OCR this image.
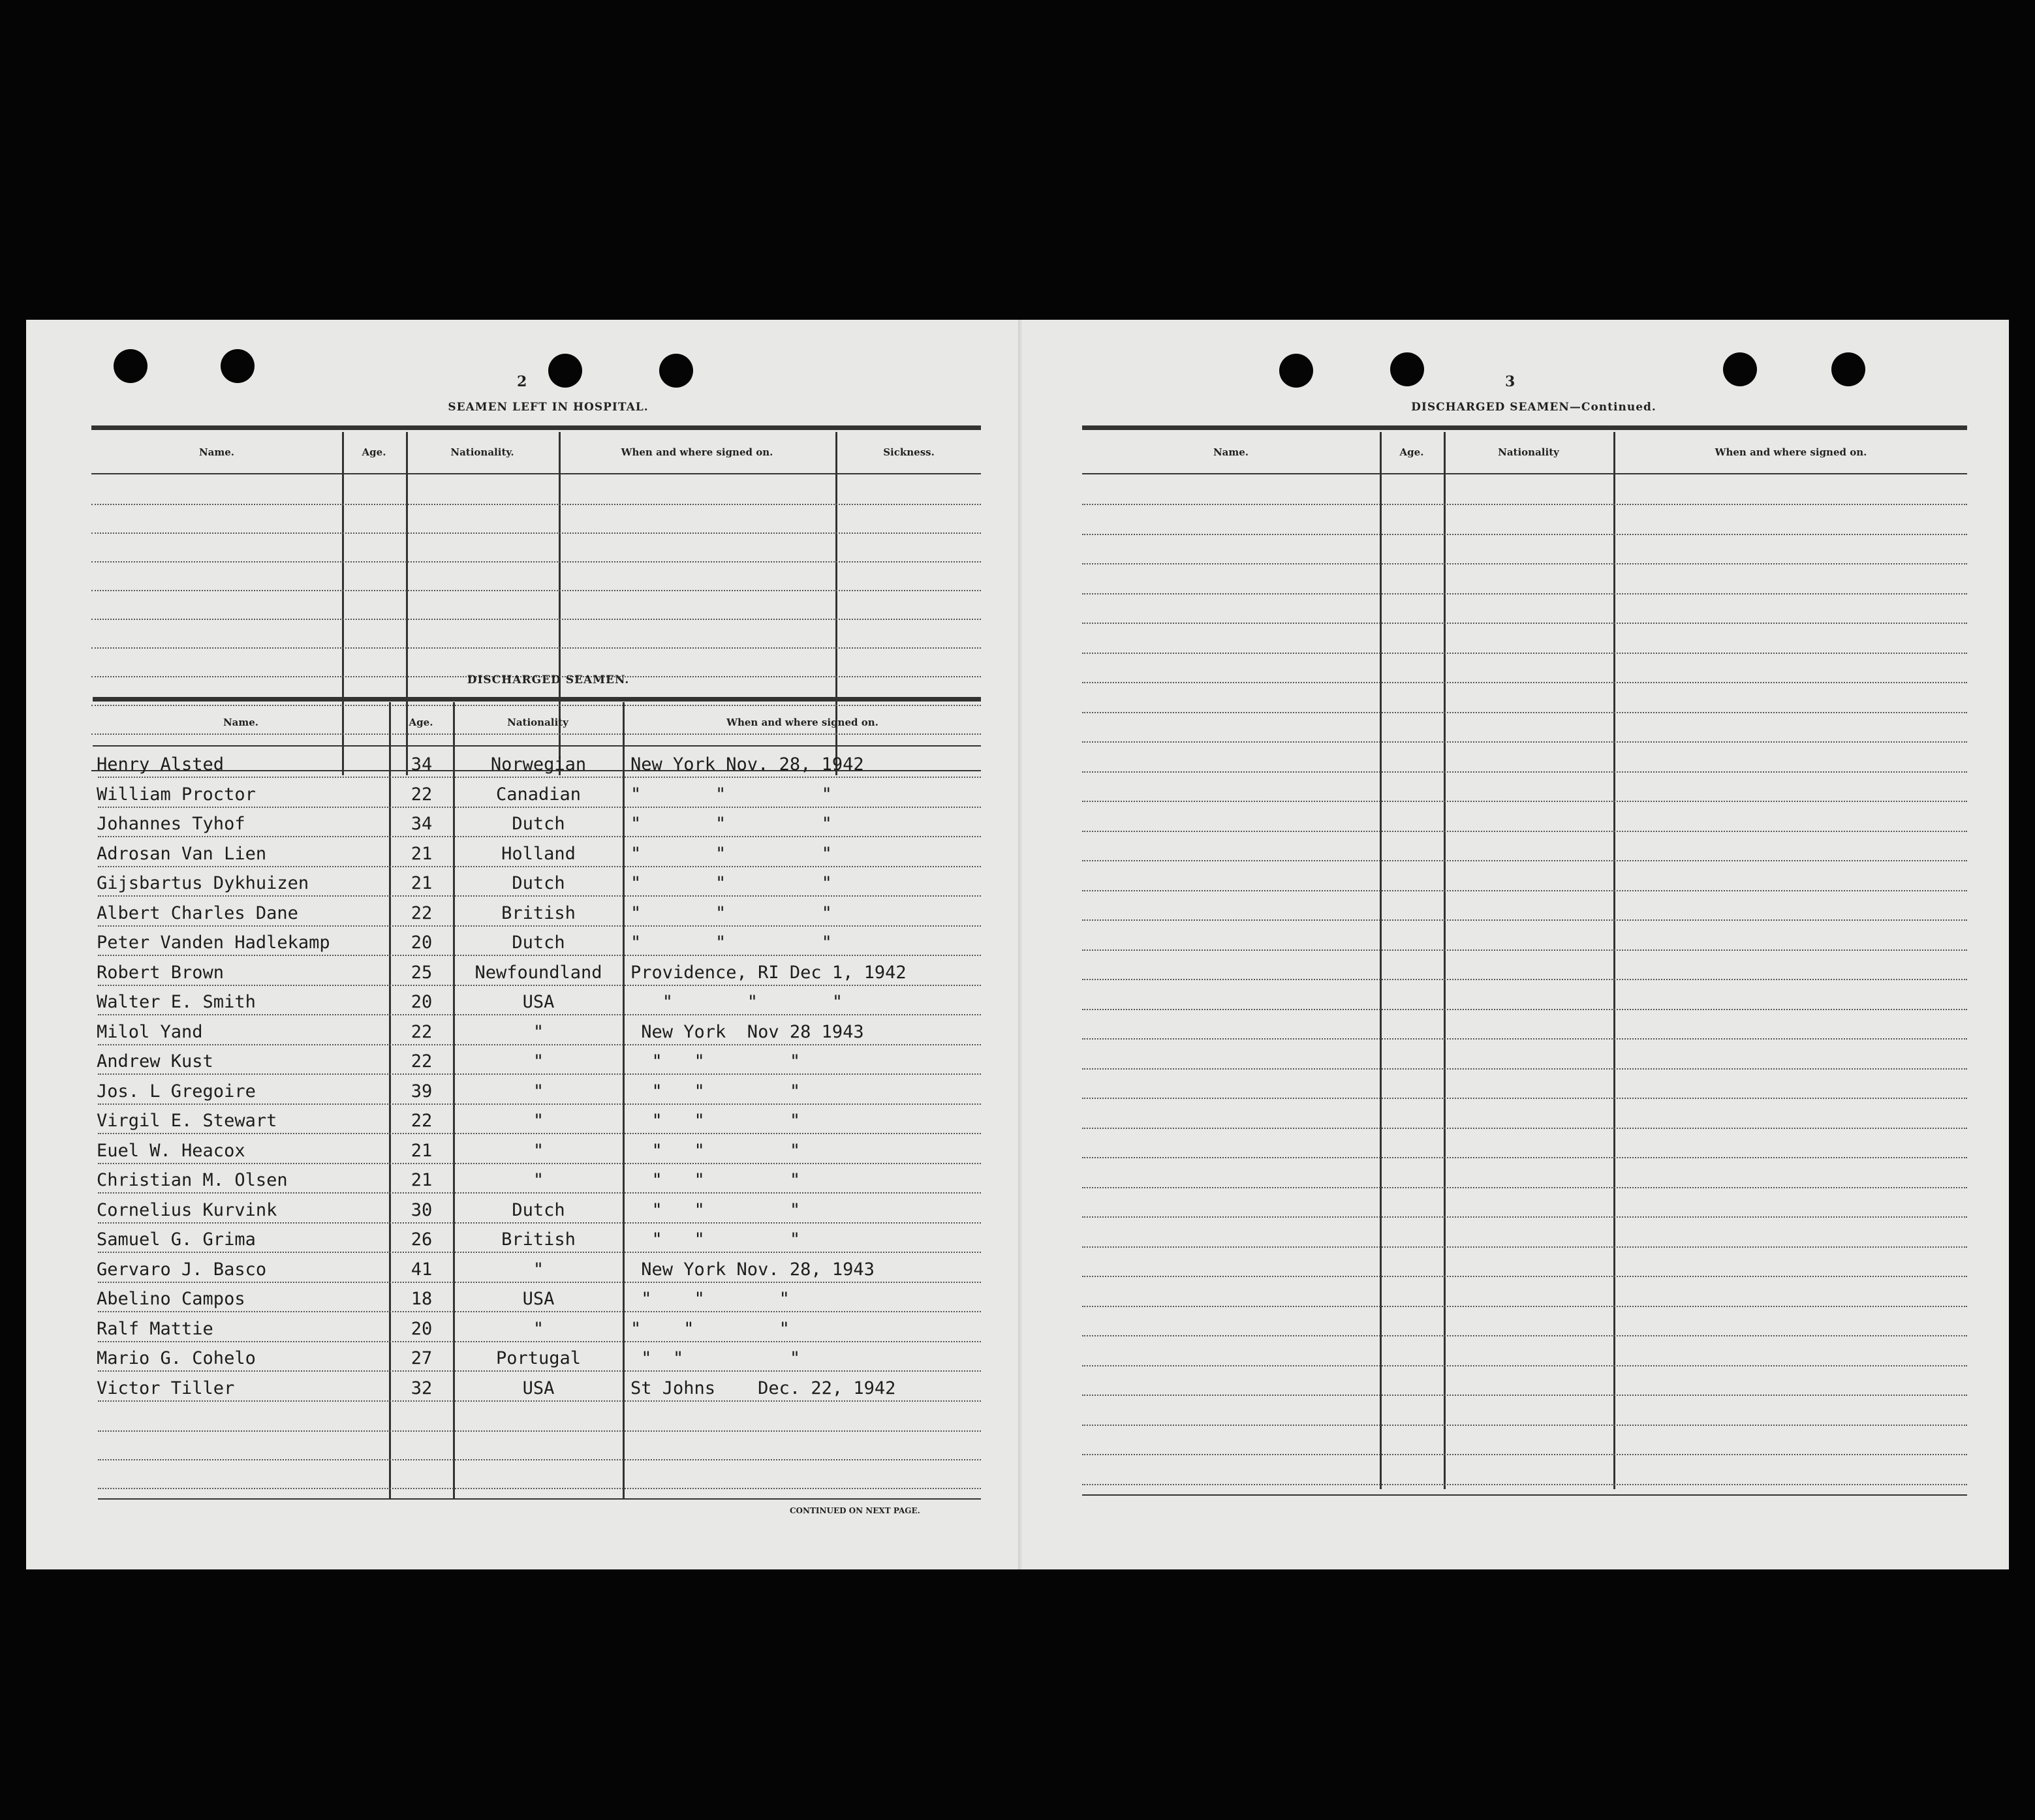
2
SEAMEN LEFT IN HOSPITAL.
Name.	Age.	Nationality.	When and where signed on.	Sickness.
DISCHARGED SEAMEN.
Name.	Age.	Nationality	When and where signed on.
Henry Alsted	34	Norwegian	New York Nov. 28, 1942
William Proctor	22	Canadian	"       "         "
Johannes Tyhof	34	Dutch	"       "         "
Adrosan Van Lien	21	Holland	"       "         "
Gijsbartus Dykhuizen	21	Dutch	"       "         "
Albert Charles Dane	22	British	"       "         "
Peter Vanden Hadlekamp	20	Dutch	"       "         "
Robert Brown	25	Newfoundland	Providence, RI Dec 1, 1942
Walter E. Smith	20	USA	"       "       "
Milol Yand	22	"	New York  Nov 28 1943
Andrew Kust	22	"	"   "        "
Jos. L Gregoire	39	"	"   "        "
Virgil E. Stewart	22	"	"   "        "
Euel W. Heacox	21	"	"   "        "
Christian M. Olsen	21	"	"   "        "
Cornelius Kurvink	30	Dutch	"   "        "
Samuel G. Grima	26	British	"   "        "
Gervaro J. Basco	41	"	New York Nov. 28, 1943
Abelino Campos	18	USA	"    "       "
Ralf Mattie	20	"	"    "        "
Mario G. Cohelo	27	Portugal	"  "          "
Victor Tiller	32	USA	St Johns    Dec. 22, 1942
CONTINUED ON NEXT PAGE.
3
DISCHARGED SEAMEN—Continued.
Name.	Age.	Nationality	When and where signed on.
